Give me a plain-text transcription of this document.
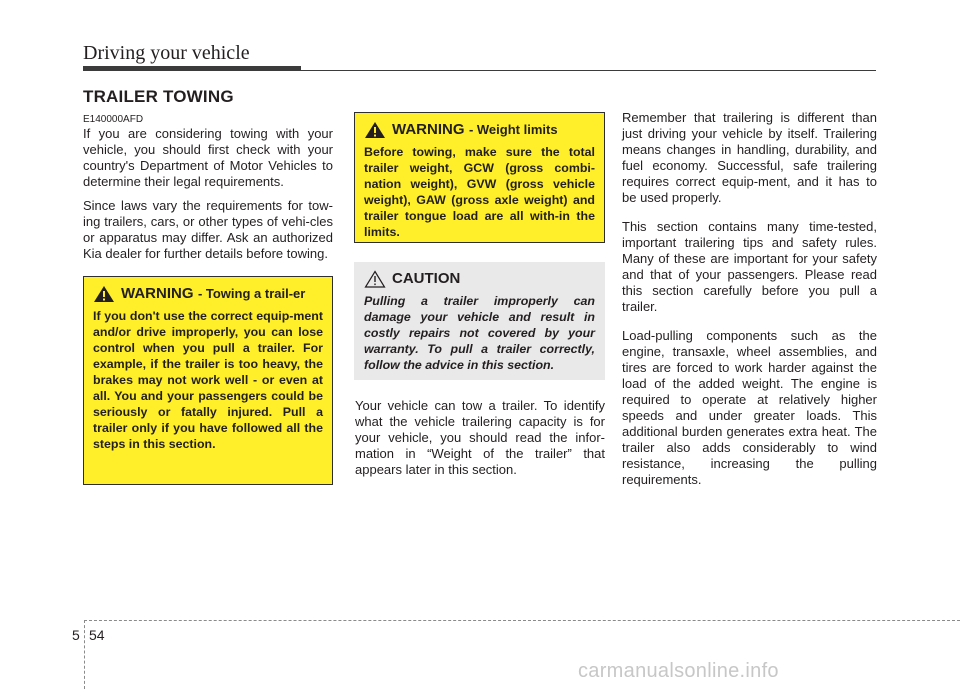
Driving your vehicle
TRAILER TOWING
E140000AFD

If you are considering towing with your vehicle, you should first check with your country's Department of Motor Vehicles to determine their legal requirements.

Since laws vary the requirements for tow-ing trailers, cars, or other types of vehi-cles or apparatus may differ. Ask an authorized Kia dealer for further details before towing.

WARNING - Towing a trail-er
If you don't use the correct equip-ment and/or drive improperly, you can lose control when you pull a trailer. For example, if the trailer is too heavy, the brakes may not work well - or even at all. You and your passengers could be seriously or fatally injured. Pull a trailer only if you have followed all the steps in this section.
WARNING - Weight limits
Before towing, make sure the total trailer weight, GCW (gross combi-nation weight), GVW (gross vehicle weight), GAW (gross axle weight) and trailer tongue load are all with-in the limits.
CAUTION
Pulling a trailer improperly can damage your vehicle and result in costly repairs not covered by your warranty. To pull a trailer correctly, follow the advice in this section.

Your vehicle can tow a trailer. To identify what the vehicle trailering capacity is for your vehicle, you should read the infor-mation in “Weight of the trailer” that appears later in this section.

Remember that trailering is different than just driving your vehicle by itself. Trailering means changes in handling, durability, and fuel economy. Successful, safe trailering requires correct equip-ment, and it has to be used properly.

This section contains many time-tested, important trailering tips and safety rules. Many of these are important for your safety and that of your passengers. Please read this section carefully before you pull a trailer.

Load-pulling components such as the engine, transaxle, wheel assemblies, and tires are forced to work harder against the load of the added weight. The engine is required to operate at relatively higher speeds and under greater loads. This additional burden generates extra heat. The trailer also adds considerably to wind resistance, increasing the pulling requirements.

5 54
carmanualsonline.info
